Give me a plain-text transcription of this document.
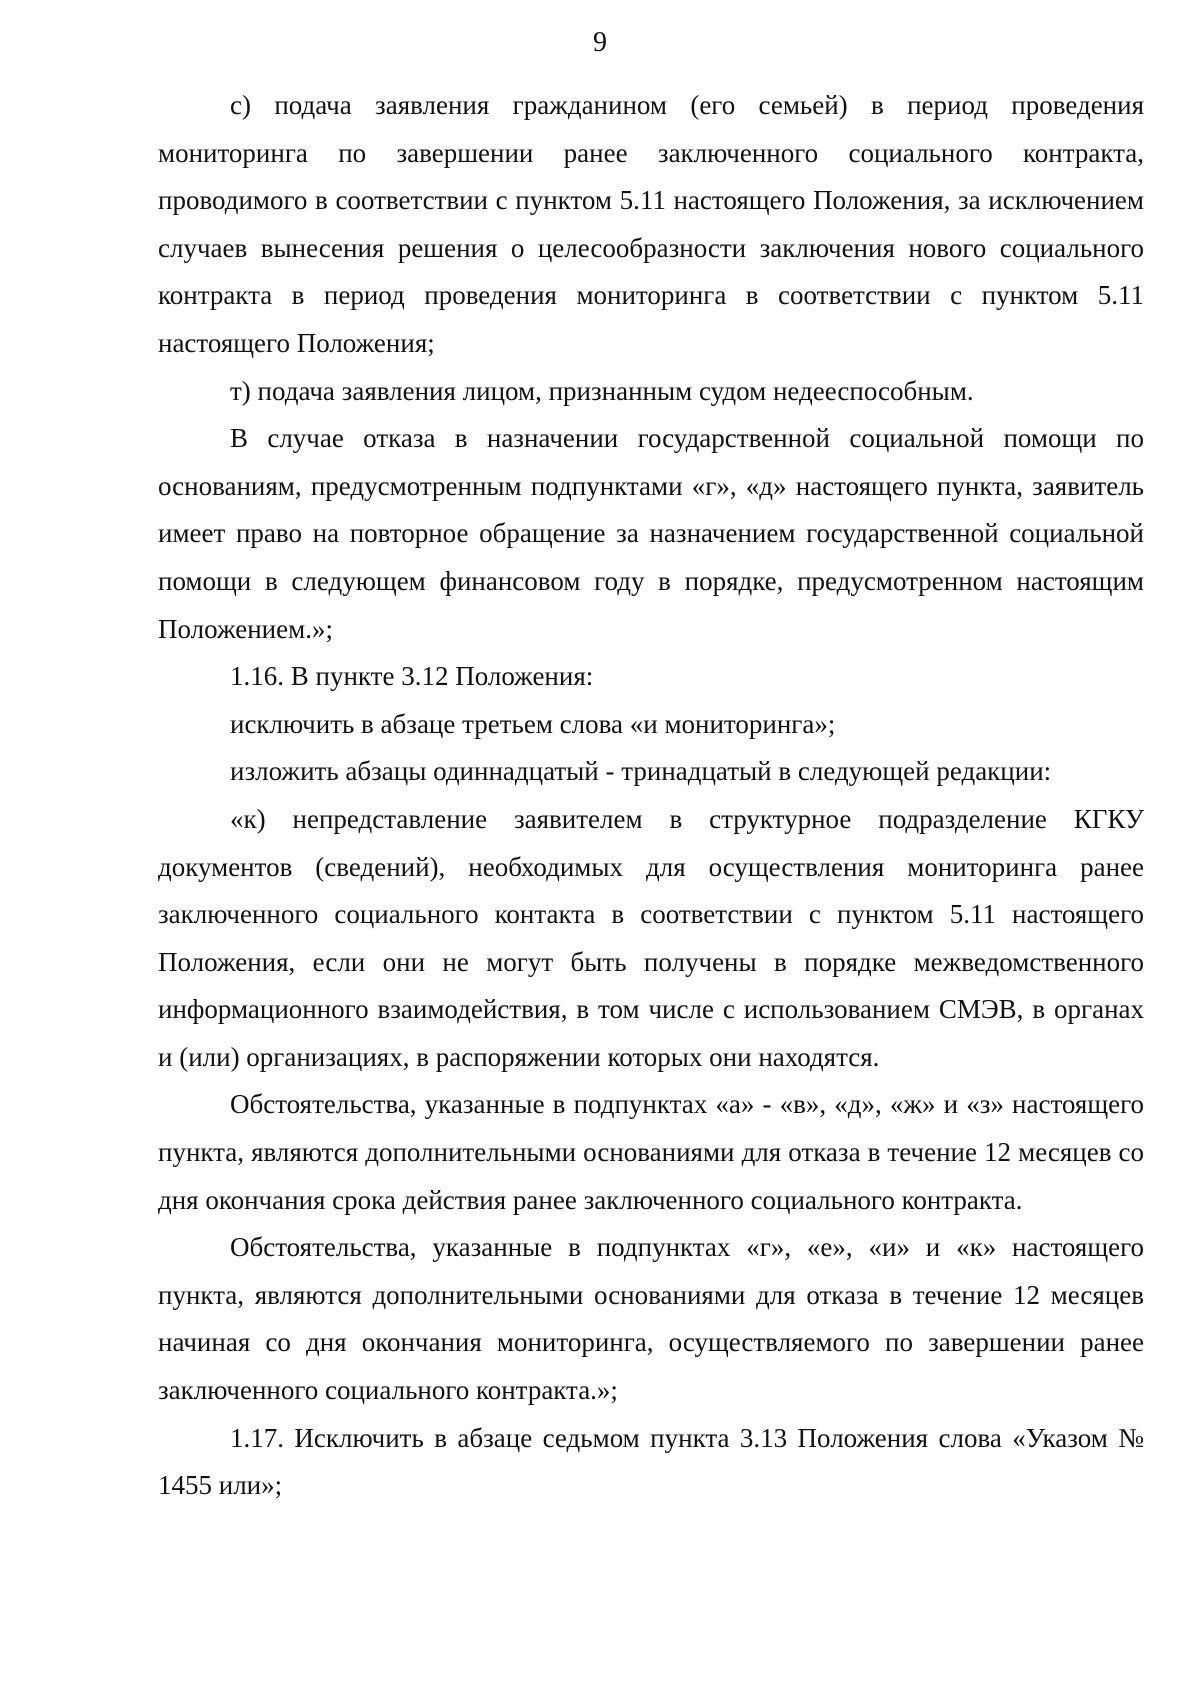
9

с) подача заявления гражданином (его семьей) в период проведения мониторинга по завершении ранее заключенного социального контракта, проводимого в соответствии с пунктом 5.11 настоящего Положения, за исключением случаев вынесения решения о целесообразности заключения нового социального контракта в период проведения мониторинга в соответствии с пунктом 5.11 настоящего Положения;

т) подача заявления лицом, признанным судом недееспособным.

В случае отказа в назначении государственной социальной помощи по основаниям, предусмотренным подпунктами «г», «д» настоящего пункта, заявитель имеет право на повторное обращение за назначением государственной социальной помощи в следующем финансовом году в порядке, предусмотренном настоящим Положением.»;

1.16. В пункте 3.12 Положения:

исключить в абзаце третьем слова «и мониторинга»;

изложить абзацы одиннадцатый - тринадцатый в следующей редакции:

«к) непредставление заявителем в структурное подразделение КГКУ документов (сведений), необходимых для осуществления мониторинга ранее заключенного социального контакта в соответствии с пунктом 5.11 настоящего Положения, если они не могут быть получены в порядке межведомственного информационного взаимодействия, в том числе с использованием СМЭВ, в органах и (или) организациях, в распоряжении которых они находятся.

Обстоятельства, указанные в подпунктах «а» - «в», «д», «ж» и «з» настоящего пункта, являются дополнительными основаниями для отказа в течение 12 месяцев со дня окончания срока действия ранее заключенного социального контракта.

Обстоятельства, указанные в подпунктах «г», «е», «и» и «к» настоящего пункта, являются дополнительными основаниями для отказа в течение 12 месяцев начиная со дня окончания мониторинга, осуществляемого по завершении ранее заключенного социального контракта.»;

1.17. Исключить в абзаце седьмом пункта 3.13 Положения слова «Указом № 1455 или»;
